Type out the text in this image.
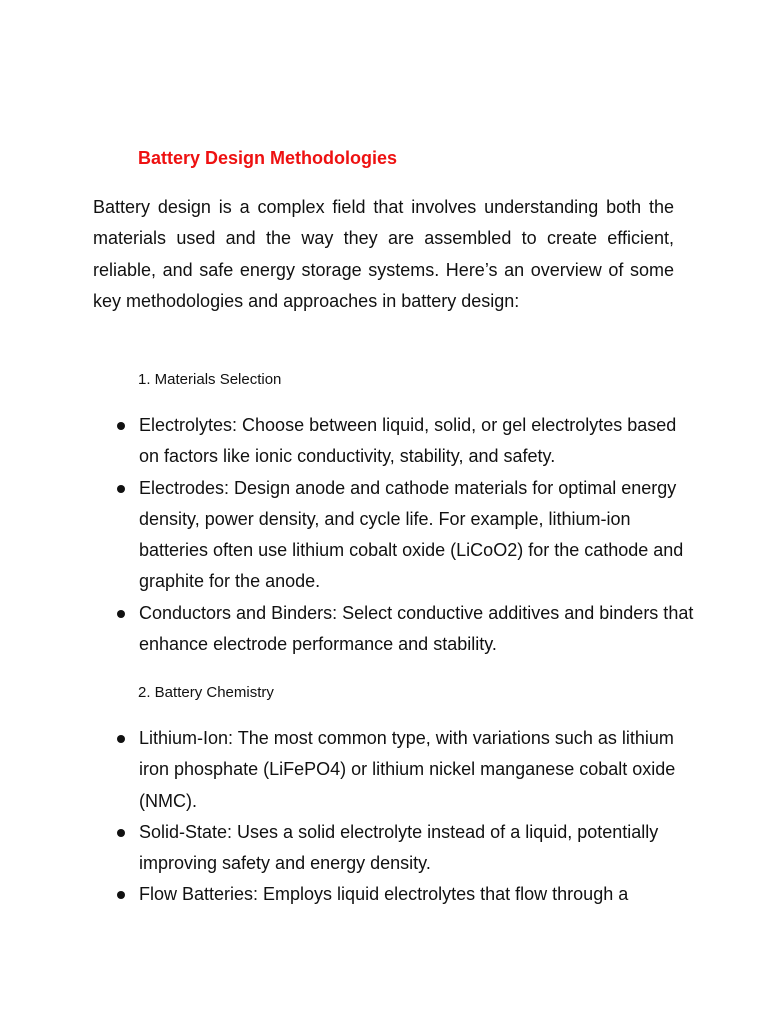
Battery Design Methodologies

Battery design is a complex field that involves understanding both the materials used and the way they are assembled to create efficient, reliable, and safe energy storage systems. Here’s an overview of some key methodologies and approaches in battery design:

1. Materials Selection
Electrolytes: Choose between liquid, solid, or gel electrolytes based on factors like ionic conductivity, stability, and safety.
Electrodes: Design anode and cathode materials for optimal energy density, power density, and cycle life. For example, lithium-ion batteries often use lithium cobalt oxide (LiCoO2) for the cathode and graphite for the anode.
Conductors and Binders: Select conductive additives and binders that enhance electrode performance and stability.
2. Battery Chemistry
Lithium-Ion: The most common type, with variations such as lithium iron phosphate (LiFePO4) or lithium nickel manganese cobalt oxide (NMC).
Solid-State: Uses a solid electrolyte instead of a liquid, potentially improving safety and energy density.
Flow Batteries: Employs liquid electrolytes that flow through a
